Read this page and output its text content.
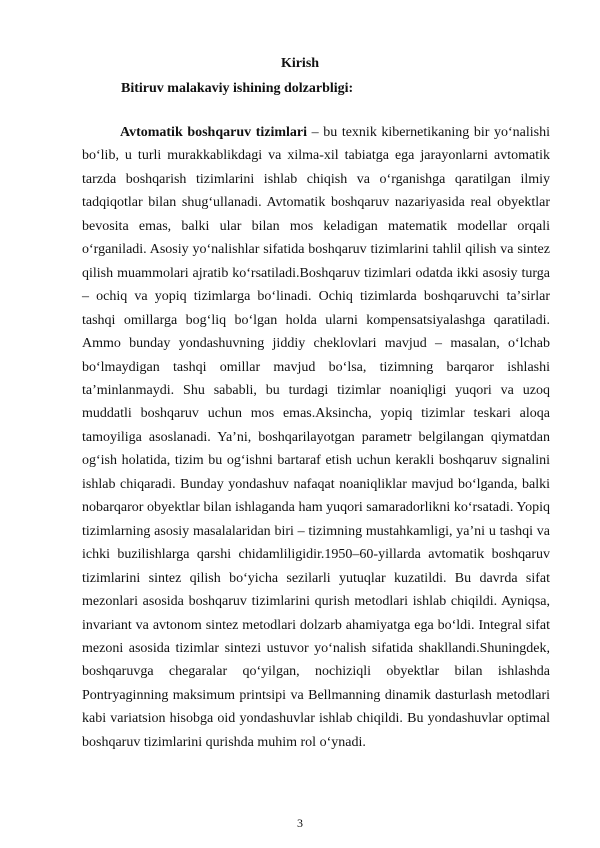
Kirish
Bitiruv malakaviy ishining dolzarbligi:

Avtomatik boshqaruv tizimlari – bu texnik kibernetikaning bir yoʻnalishi boʻlib, u turli murakkablikdagi va xilma-xil tabiatga ega jarayonlarni avtomatik tarzda boshqarish tizimlarini ishlab chiqish va oʻrganishga qaratilgan ilmiy tadqiqotlar bilan shugʻullanadi. Avtomatik boshqaruv nazariyasida real obyektlar bevosita emas, balki ular bilan mos keladigan matematik modellar orqali oʻrganiladi. Asosiy yoʻnalishlar sifatida boshqaruv tizimlarini tahlil qilish va sintez qilish muammolari ajratib koʻrsatiladi.Boshqaruv tizimlari odatda ikki asosiy turga – ochiq va yopiq tizimlarga boʻlinadi. Ochiq tizimlarda boshqaruvchi taʼsirlar tashqi omillarga bogʻliq boʻlgan holda ularni kompensatsiyalashga qaratiladi. Ammo bunday yondashuvning jiddiy cheklovlari mavjud – masalan, oʻlchab boʻlmaydigan tashqi omillar mavjud boʻlsa, tizimning barqaror ishlashi taʼminlanmaydi. Shu sababli, bu turdagi tizimlar noaniqligi yuqori va uzoq muddatli boshqaruv uchun mos emas.Aksincha, yopiq tizimlar teskari aloqa tamoyiliga asoslanadi. Yaʼni, boshqarilayotgan parametr belgilangan qiymatdan ogʻish holatida, tizim bu ogʻishni bartaraf etish uchun kerakli boshqaruv signalini ishlab chiqaradi. Bunday yondashuv nafaqat noaniqliklar mavjud boʻlganda, balki nobarqaror obyektlar bilan ishlaganda ham yuqori samaradorlikni koʻrsatadi. Yopiq tizimlarning asosiy masalalaridan biri – tizimning mustahkamligi, yaʼni u tashqi va ichki buzilishlarga qarshi chidamliligidir.1950–60-yillarda avtomatik boshqaruv tizimlarini sintez qilish boʻyicha sezilarli yutuqlar kuzatildi. Bu davrda sifat mezonlari asosida boshqaruv tizimlarini qurish metodlari ishlab chiqildi. Ayniqsa, invariant va avtonom sintez metodlari dolzarb ahamiyatga ega boʻldi. Integral sifat mezoni asosida tizimlar sintezi ustuvor yoʻnalish sifatida shakllandi.Shuningdek, boshqaruvga chegaralar qoʻyilgan, nochiziqli obyektlar bilan ishlashda Pontryaginning maksimum printsipi va Bellmanning dinamik dasturlash metodlari kabi variatsion hisobga oid yondashuvlar ishlab chiqildi. Bu yondashuvlar optimal boshqaruv tizimlarini qurishda muhim rol oʻynadi.

3
